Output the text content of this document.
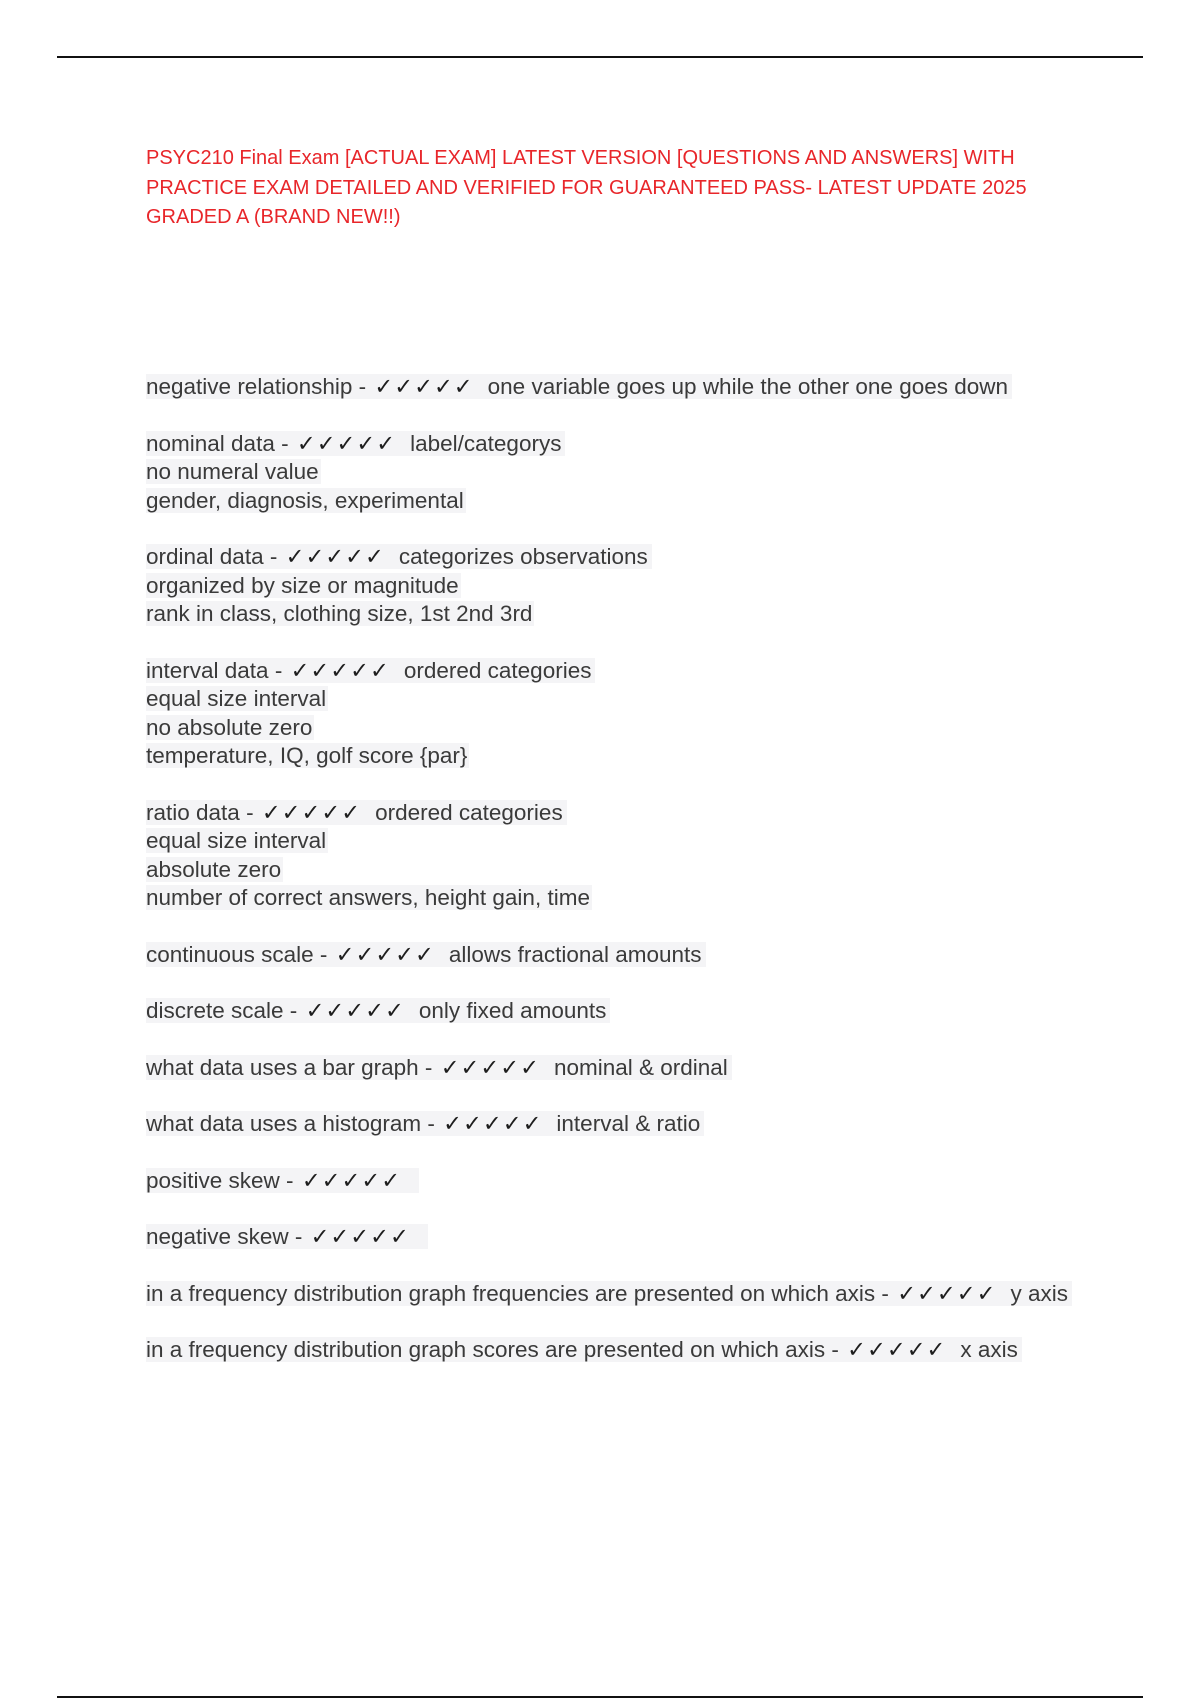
PSYC210 Final Exam [ACTUAL EXAM] LATEST VERSION [QUESTIONS AND ANSWERS] WITH PRACTICE EXAM DETAILED AND VERIFIED FOR GUARANTEED PASS- LATEST UPDATE 2025 GRADED A (BRAND NEW!!)
negative relationship - ✓✓✓✓✓ one variable goes up while the other one goes down
nominal data - ✓✓✓✓✓ label/categorys
no numeral value
gender, diagnosis, experimental
ordinal data - ✓✓✓✓✓ categorizes observations
organized by size or magnitude
rank in class, clothing size, 1st 2nd 3rd
interval data - ✓✓✓✓✓ ordered categories
equal size interval
no absolute zero
temperature, IQ, golf score {par}
ratio data - ✓✓✓✓✓ ordered categories
equal size interval
absolute zero
number of correct answers, height gain, time
continuous scale - ✓✓✓✓✓ allows fractional amounts
discrete scale - ✓✓✓✓✓ only fixed amounts
what data uses a bar graph - ✓✓✓✓✓ nominal & ordinal
what data uses a histogram - ✓✓✓✓✓ interval & ratio
positive skew - ✓✓✓✓✓
negative skew - ✓✓✓✓✓
in a frequency distribution graph frequencies are presented on which axis - ✓✓✓✓✓ y axis
in a frequency distribution graph scores are presented on which axis - ✓✓✓✓✓ x axis
